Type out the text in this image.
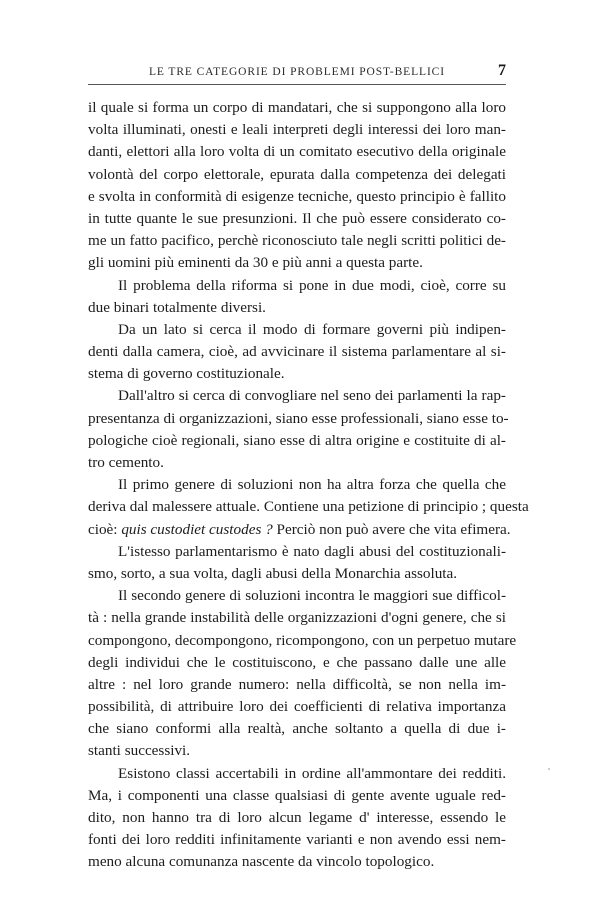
LE TRE CATEGORIE DI PROBLEMI POST-BELLICI	7

il quale si forma un corpo di mandatari, che si suppongono alla loro
volta illuminati, onesti e leali interpreti degli interessi dei loro man-
danti, elettori alla loro volta di un comitato esecutivo della originale
volontà del corpo elettorale, epurata dalla competenza dei delegati
e svolta in conformità di esigenze tecniche, questo principio è fallito
in tutte quante le sue presunzioni. Il che può essere considerato co-
me un fatto pacifico, perchè riconosciuto tale negli scritti politici de-
gli uomini più eminenti da 30 e più anni a questa parte.

Il problema della riforma si pone in due modi, cioè, corre su
due binari totalmente diversi.

Da un lato si cerca il modo di formare governi più indipen-
denti dalla camera, cioè, ad avvicinare il sistema parlamentare al si-
stema di governo costituzionale.

Dall'altro si cerca di convogliare nel seno dei parlamenti la rap-
presentanza di organizzazioni, siano esse professionali, siano esse to-
pologiche cioè regionali, siano esse di altra origine e costituite di al-
tro cemento.

Il primo genere di soluzioni non ha altra forza che quella che
deriva dal malessere attuale. Contiene una petizione di principio ; questa
cioè: quis custodiet custodes ? Perciò non può avere che vita efimera.

L'istesso parlamentarismo è nato dagli abusi del costituzionali-
smo, sorto, a sua volta, dagli abusi della Monarchia assoluta.

Il secondo genere di soluzioni incontra le maggiori sue difficol-
tà : nella grande instabilità delle organizzazioni d'ogni genere, che si
compongono, decompongono, ricompongono, con un perpetuo mutare
degli individui che le costituiscono, e che passano dalle une alle
altre : nel loro grande numero: nella difficoltà, se non nella im-
possibilità, di attribuire loro dei coefficienti di relativa importanza
che siano conformi alla realtà, anche soltanto a quella di due i-
stanti successivi.

Esistono classi accertabili in ordine all'ammontare dei redditi.
Ma, i componenti una classe qualsiasi di gente avente uguale red-
dito, non hanno tra di loro alcun legame d' interesse, essendo le
fonti dei loro redditi infinitamente varianti e non avendo essi nem-
meno alcuna comunanza nascente da vincolo topologico.
